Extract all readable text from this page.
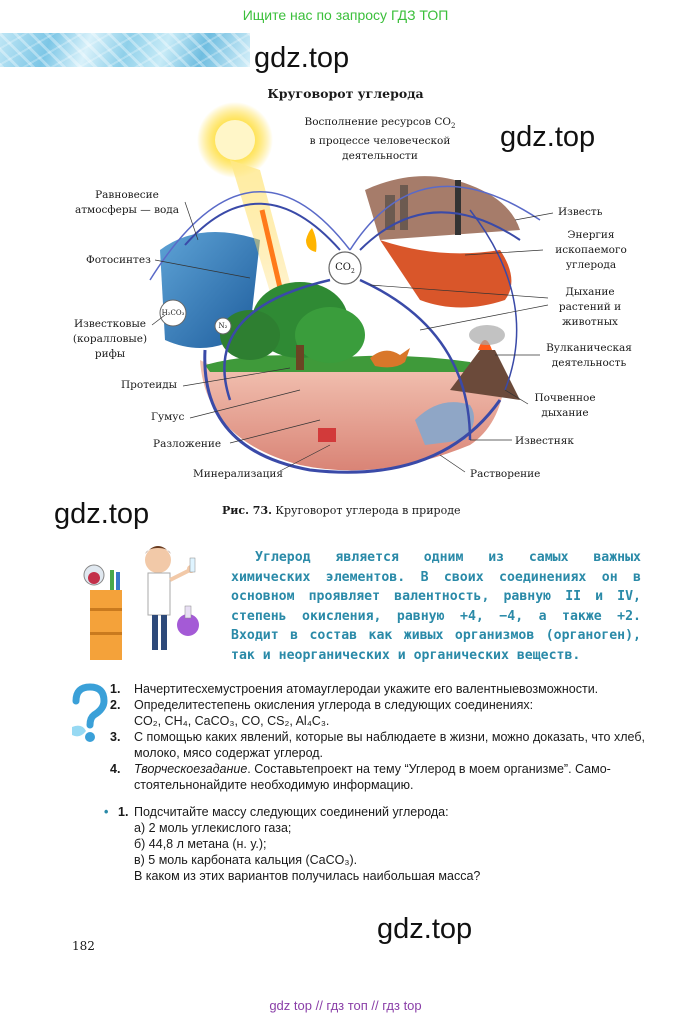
Ищите нас по запросу ГДЗ ТОП
gdz.top
gdz.top
gdz.top
gdz.top
Круговорот углерода
Восполнение ресурсов $CO_2$
в процессе человеческой
деятельности
Равновесие
атмосферы — вода
Фотосинтез
Известковые
(коралловые)
рифы
Протеиды
Гумус
Разложение
Минерализация
Известь
Энергия
ископаемого
углерода
Дыхание
растений и
животных
Вулканическая
деятельность
Почвенное
дыхание
Известняк
Растворение
$CO_2$
H₂CO₃
N₂
Рис. 73. Круговорот углерода в природе

Углерод является одним из самых важных химических элементов. В своих соединениях он в основном проявляет валентность, равную II и IV, степень окисления, равную +4, −4, а также +2. Входит в состав как живых организмов (органоген), так и неорганических и органических веществ.

1. Начертитесхемустроения атомауглеродаи укажите его валентныевозможности.
2. Определитестепень окисления углерода в следующих соединениях:
CO₂, CH₄, CaCO₃, CO, CS₂, Al₄C₃.
3. С помощью каких явлений, которые вы наблюдаете в жизни, можно доказать, что хлеб, молоко, мясо содержат углерод.
4. Творческоезадание. Составьтепроект на тему “Углерод в моем организме”. Само-стоятельнонайдите необходимую информацию.
• 1. Подсчитайте массу следующих соединений углерода:
а) 2 моль углекислого газа;
б) 44,8 л метана (н. у.);
в) 5 моль карбоната кальция (CaCO₃).
В каком из этих вариантов получилась наибольшая масса?
182
gdz top // гдз топ // гдз top
